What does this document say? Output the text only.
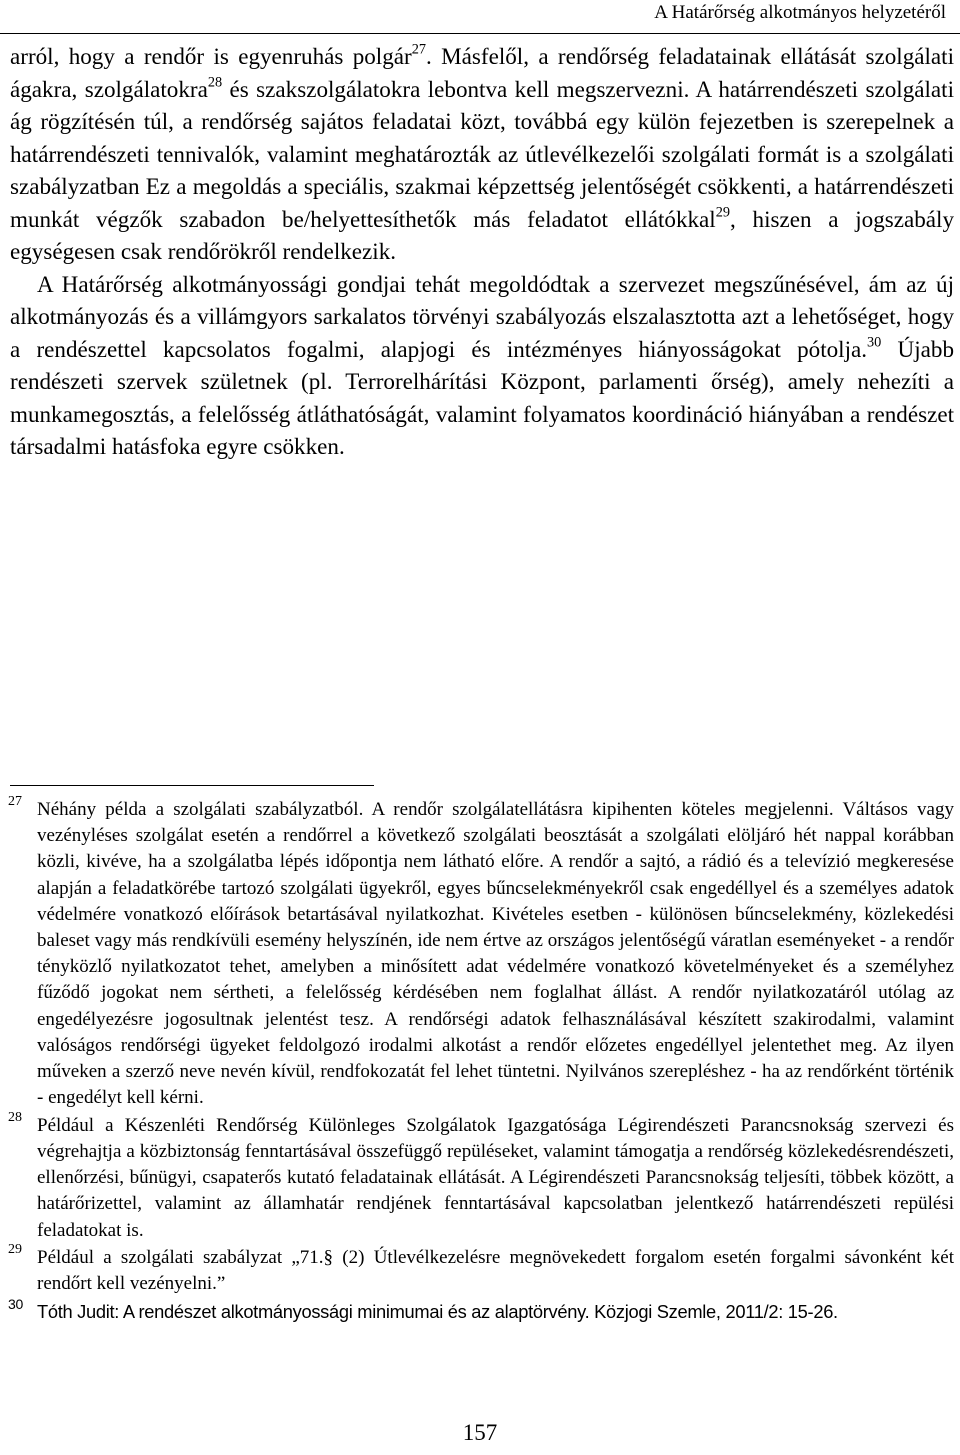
A Határőrség alkotmányos helyzetéről

arról, hogy a rendőr is egyenruhás polgár$^{27}$. Másfelől, a rendőrség feladatainak ellátását szolgálati ágakra, szolgálatokra$^{28}$ és szakszolgálatokra lebontva kell megszervezni. A határrendészeti szolgálati ág rögzítésén túl, a rendőrség sajátos feladatai közt, továbbá egy külön fejezetben is szerepelnek a határrendészeti tennivalók, valamint meghatározták az útlevélkezelői szolgálati formát is a szolgálati szabályzatban Ez a megoldás a speciális, szakmai képzettség jelentőségét csökkenti, a határrendészeti munkát végzők szabadon be/helyettesíthetők más feladatot ellátókkal$^{29}$, hiszen a jogszabály egységesen csak rendőrökről rendelkezik.

A Határőrség alkotmányossági gondjai tehát megoldódtak a szervezet megszűnésével, ám az új alkotmányozás és a villámgyors sarkalatos törvényi szabályozás elszalasztotta azt a lehetőséget, hogy a rendészettel kapcsolatos fogalmi, alapjogi és intézményes hiányosságokat pótolja.$^{30}$ Újabb rendészeti szervek születnek (pl. Terrorelhárítási Központ, parlamenti őrség), amely nehezíti a munkamegosztás, a felelősség átláthatóságát, valamint folyamatos koordináció hiányában a rendészet társadalmi hatásfoka egyre csökken.

27 Néhány példa a szolgálati szabályzatból. A rendőr szolgálatellátásra kipihenten köteles megjelenni. Váltásos vagy vezényléses szolgálat esetén a rendőrrel a következő szolgálati beosztását a szolgálati elöljáró hét nappal korábban közli, kivéve, ha a szolgálatba lépés időpontja nem látható előre. A rendőr a sajtó, a rádió és a televízió megkeresése alapján a feladatkörébe tartozó szolgálati ügyekről, egyes bűncselekményekről csak engedéllyel és a személyes adatok védelmére vonatkozó előírások betartásával nyilatkozhat. Kivételes esetben - különösen bűncselekmény, közlekedési baleset vagy más rendkívüli esemény helyszínén, ide nem értve az országos jelentőségű váratlan eseményeket - a rendőr tényközlő nyilatkozatot tehet, amelyben a minősített adat védelmére vonatkozó követelményeket és a személyhez fűződő jogokat nem sértheti, a felelősség kérdésében nem foglalhat állást. A rendőr nyilatkozatáról utólag az engedélyezésre jogosultnak jelentést tesz. A rendőrségi adatok felhasználásával készített szakirodalmi, valamint valóságos rendőrségi ügyeket feldolgozó irodalmi alkotást a rendőr előzetes engedéllyel jelentethet meg. Az ilyen műveken a szerző neve nevén kívül, rendfokozatát fel lehet tüntetni. Nyilvános szerepléshez - ha az rendőrként történik - engedélyt kell kérni.
28 Például a Készenléti Rendőrség Különleges Szolgálatok Igazgatósága Légirendészeti Parancsnokság szervezi és végrehajtja a közbiztonság fenntartásával összefüggő repüléseket, valamint támogatja a rendőrség közlekedésrendészeti, ellenőrzési, bűnügyi, csapaterős kutató feladatainak ellátását. A Légirendészeti Parancsnokság teljesíti, többek között, a határőrizettel, valamint az államhatár rendjének fenntartásával kapcsolatban jelentkező határrendészeti repülési feladatokat is.
29 Például a szolgálati szabályzat „71.§ (2) Útlevélkezelésre megnövekedett forgalom esetén forgalmi sávonként két rendőrt kell vezényelni.”
30 Tóth Judit: A rendészet alkotmányossági minimumai és az alaptörvény. Közjogi Szemle, 2011/2: 15-26.
157
